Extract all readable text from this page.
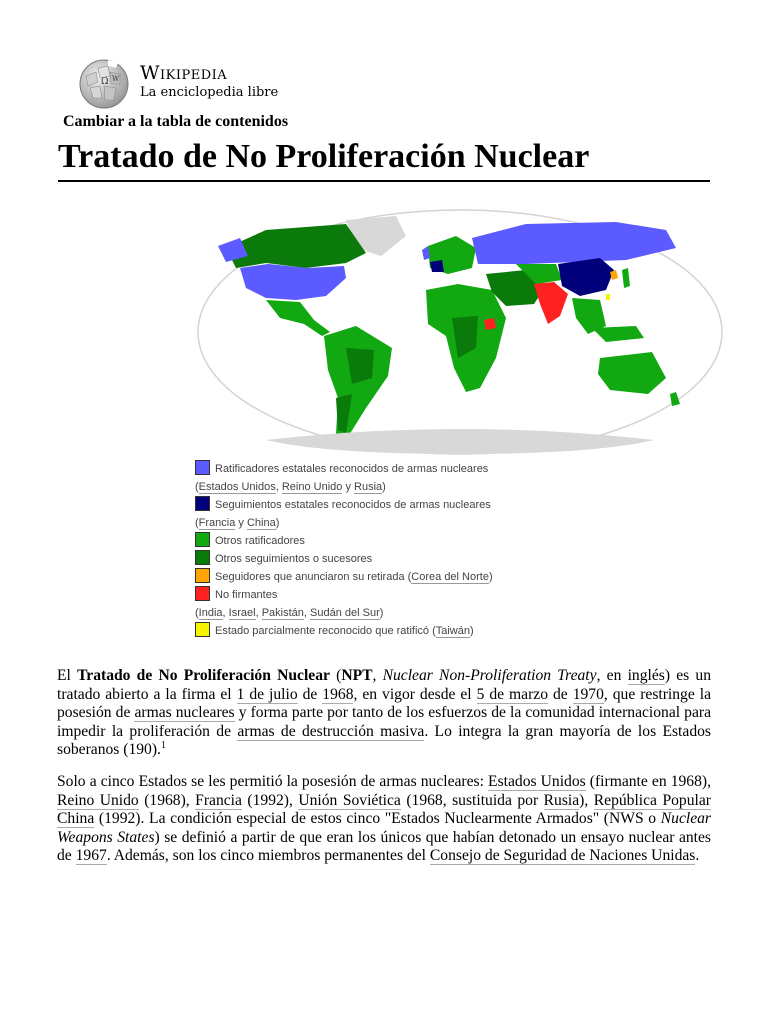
Ω W Wikipedia
La enciclopedia libre
Cambiar a la tabla de contenidos
Tratado de No Proliferación Nuclear
Ratificadores estatales reconocidos de armas nucleares
(Estados Unidos, Reino Unido y Rusia)
Seguimientos estatales reconocidos de armas nucleares
(Francia y China)
Otros ratificadores
Otros seguimientos o sucesores
Seguidores que anunciaron su retirada (Corea del Norte)
No firmantes
(India, Israel, Pakistán, Sudán del Sur)
Estado parcialmente reconocido que ratificó (Taiwán)

El Tratado de No Proliferación Nuclear (NPT, Nuclear Non-Proliferation Treaty, en inglés) es un tratado abierto a la firma el 1 de julio de 1968, en vigor desde el 5 de marzo de 1970, que restringe la posesión de armas nucleares y forma parte por tanto de los esfuerzos de la comunidad internacional para impedir la proliferación de armas de destrucción masiva. Lo integra la gran mayoría de los Estados soberanos (190).$^1$

Solo a cinco Estados se les permitió la posesión de armas nucleares: Estados Unidos (firmante en 1968), Reino Unido (1968), Francia (1992), Unión Soviética (1968, sustituida por Rusia), República Popular China (1992). La condición especial de estos cinco "Estados Nuclearmente Armados" (NWS o Nuclear Weapons States) se definió a partir de que eran los únicos que habían detonado un ensayo nuclear antes de 1967. Además, son los cinco miembros permanentes del Consejo de Seguridad de Naciones Unidas.
